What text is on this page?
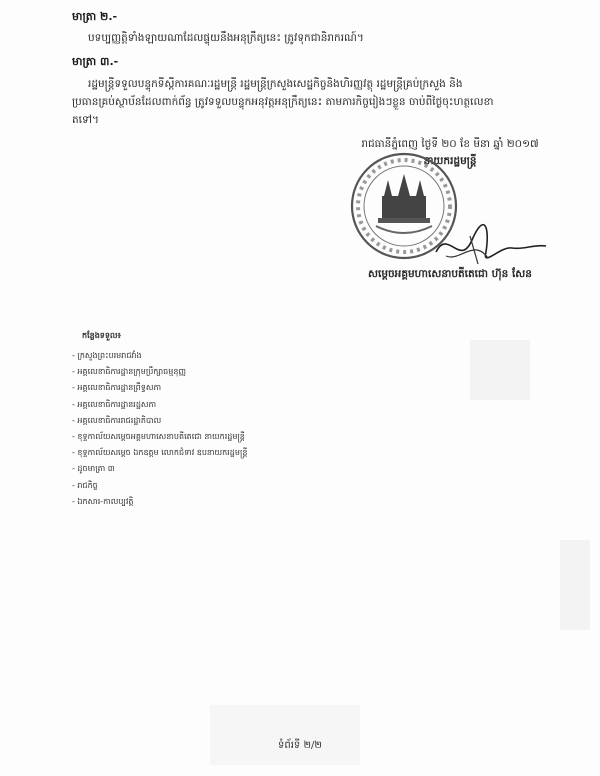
មាត្រា ២.-
បទប្បញ្ញត្តិទាំងឡាយណាដែលផ្ទុយនឹងអនុក្រឹត្យនេះ ត្រូវទុកជានិរាករណ៍។
មាត្រា ៣.-
រដ្ឋមន្ត្រីទទួលបន្ទុកទីស្តីការគណៈរដ្ឋមន្ត្រី រដ្ឋមន្ត្រីក្រសួងសេដ្ឋកិច្ចនិងហិរញ្ញវត្ថុ រដ្ឋមន្ត្រីគ្រប់ក្រសួង និង
ប្រធានគ្រប់ស្ថាប័នដែលពាក់ព័ន្ធ ត្រូវទទួលបន្ទុកអនុវត្តអនុក្រឹត្យនេះ តាមភារកិច្ចរៀងៗខ្លួន ចាប់ពីថ្ងៃចុះហត្ថលេខា
តទៅ។
រាជធានីភ្នំពេញ ថ្ងៃទី ២០ ខែ មីនា ឆ្នាំ ២០១៧
នាយករដ្ឋមន្ត្រី
សម្តេចអគ្គមហាសេនាបតីតេជោ ហ៊ុន សែន
កន្លែងទទួល៖
- ក្រសួងព្រះបរមរាជវាំង
- អគ្គលេខាធិការដ្ឋានក្រុមប្រឹក្សាធម្មនុញ្ញ
- អគ្គលេខាធិការដ្ឋានព្រឹទ្ធសភា
- អគ្គលេខាធិការដ្ឋានរដ្ឋសភា
- អគ្គលេខាធិការរាជរដ្ឋាភិបាល
- ខុទ្ទកាល័យសម្តេចអគ្គមហាសេនាបតីតេជោ នាយករដ្ឋមន្ត្រី
- ខុទ្ទកាល័យសម្តេច ឯកឧត្តម លោកជំទាវ ឧបនាយករដ្ឋមន្ត្រី
- ដូចមាត្រា ៣
- រាជកិច្ច
- ឯកសារ-កាលប្បវត្តិ
ទំព័រទី ២/២
